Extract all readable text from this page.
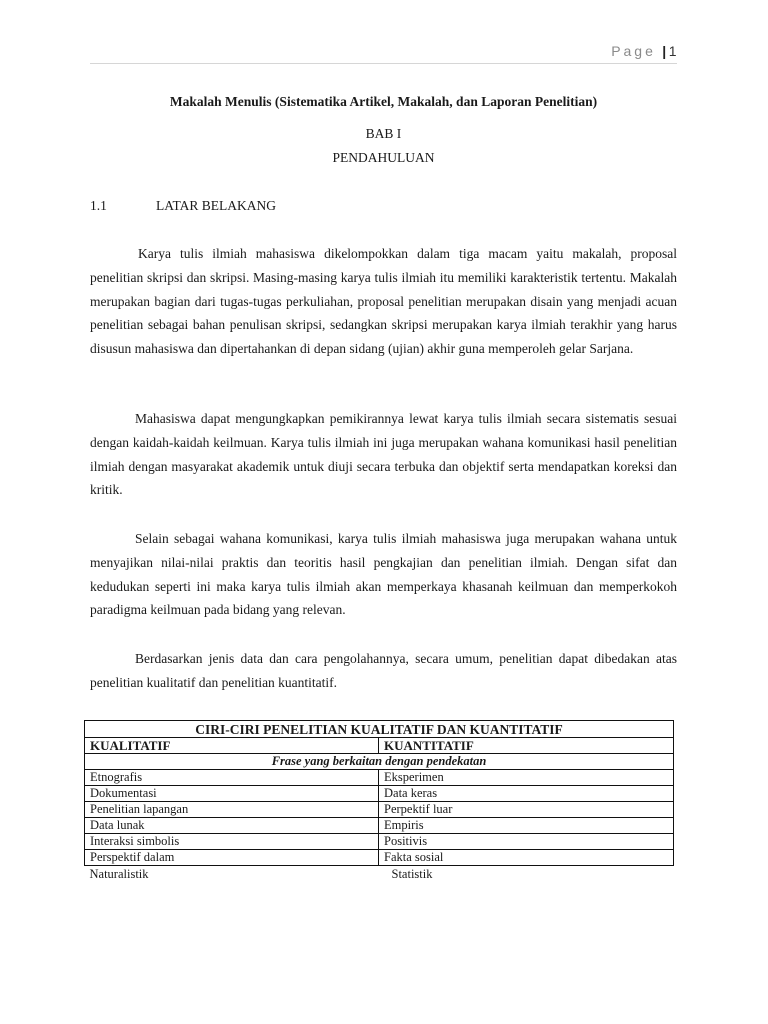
Page | 1
Makalah Menulis (Sistematika Artikel, Makalah, dan Laporan Penelitian)
BAB I
PENDAHULUAN
1.1	LATAR BELAKANG

Karya tulis ilmiah mahasiswa dikelompokkan dalam tiga macam yaitu makalah, proposal penelitian skripsi dan skripsi. Masing-masing karya tulis ilmiah itu memiliki karakteristik tertentu. Makalah merupakan bagian dari tugas-tugas perkuliahan, proposal penelitian merupakan disain yang menjadi acuan penelitian sebagai bahan penulisan skripsi, sedangkan skripsi merupakan karya ilmiah terakhir yang harus disusun mahasiswa dan dipertahankan di depan sidang (ujian) akhir guna memperoleh gelar Sarjana.

Mahasiswa dapat mengungkapkan pemikirannya lewat karya tulis ilmiah secara sistematis sesuai dengan kaidah-kaidah keilmuan. Karya tulis ilmiah ini juga merupakan wahana komunikasi hasil penelitian ilmiah dengan masyarakat akademik untuk diuji secara terbuka dan objektif serta mendapatkan koreksi dan kritik.

Selain sebagai wahana komunikasi, karya tulis ilmiah mahasiswa juga merupakan wahana untuk menyajikan nilai-nilai praktis dan teoritis hasil pengkajian dan penelitian ilmiah. Dengan sifat dan kedudukan seperti ini maka karya tulis ilmiah akan memperkaya khasanah keilmuan dan memperkokoh paradigma keilmuan pada bidang yang relevan.

Berdasarkan jenis data dan cara pengolahannya, secara umum, penelitian dapat dibedakan atas penelitian kualitatif dan penelitian kuantitatif.

CIRI-CIRI PENELITIAN KUALITATIF DAN KUANTITATIF	
KUALITATIF	KUANTITATIF
Frase yang berkaitan dengan pendekatan	
Etnografis	Eksperimen
Dokumentasi	Data keras
Penelitian lapangan	Perpektif luar
Data lunak	Empiris
Interaksi simbolis	Positivis
Perspektif dalam	Fakta sosial
Naturalistik	Statistik
